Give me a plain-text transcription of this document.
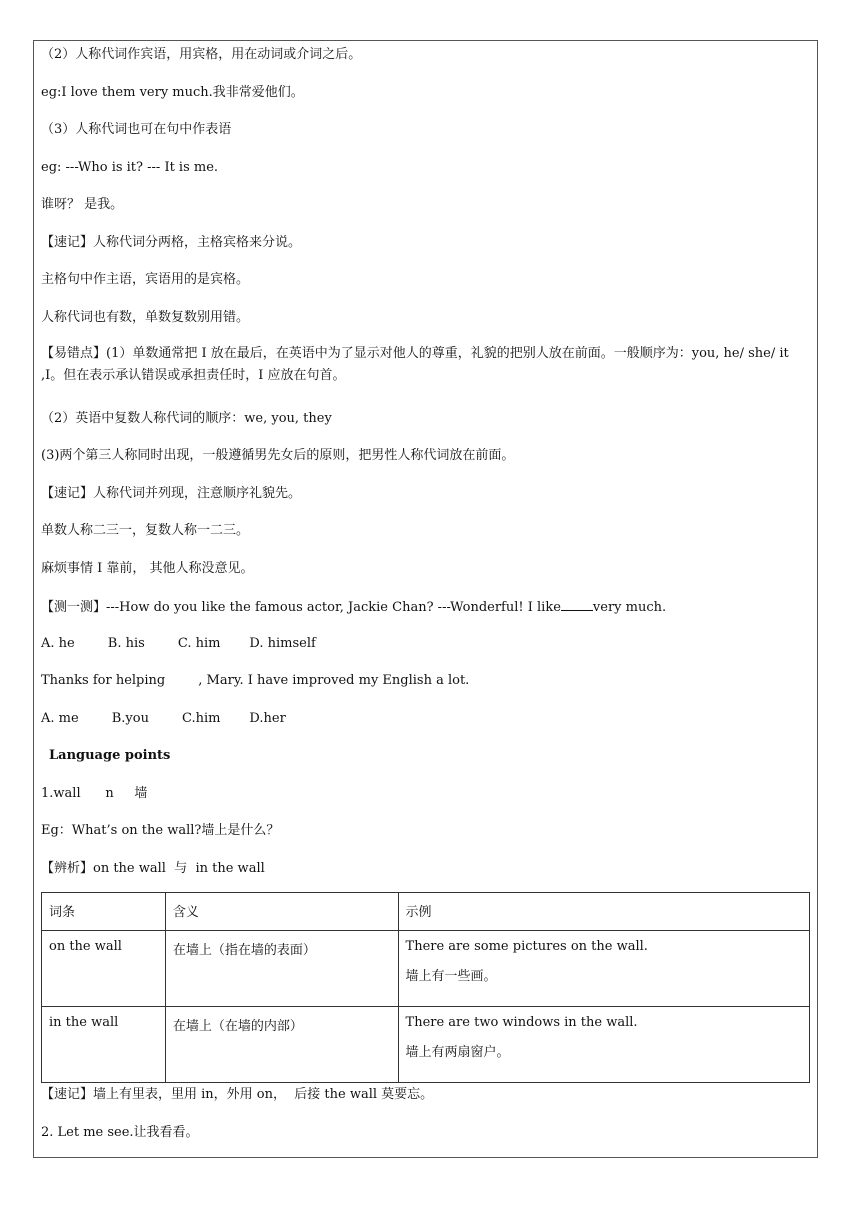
（2）人称代词作宾语，用宾格，用在动词或介词之后。
eg:I love them very much.我非常爱他们。
（3）人称代词也可在句中作表语
eg: ---Who is it? --- It is me.
谁呀？ 是我。
【速记】人称代词分两格，主格宾格来分说。
主格句中作主语，宾语用的是宾格。
人称代词也有数，单数复数别用错。
【易错点】(1）单数通常把 I 放在最后，在英语中为了显示对他人的尊重，礼貌的把别人放在前面。一般顺序为：you, he/ she/ it ,I。但在表示承认错误或承担责任时，I 应放在句首。
（2）英语中复数人称代词的顺序：we, you, they
(3)两个第三人称同时出现，一般遵循男先女后的原则，把男性人称代词放在前面。
【速记】人称代词并列现，注意顺序礼貌先。
单数人称二三一，复数人称一二三。
麻烦事情 I 靠前， 其他人称没意见。
【测一测】---How do you like the famous actor, Jackie Chan? ---Wonderful! I like very much.
A. he        B. his        C. him       D. himself
Thanks for helping        , Mary. I have improved my English a lot.
A. me        B.you        C.him       D.her
Language points
1.wall      n     墙
Eg：What’s on the wall?墙上是什么？
【辨析】on the wall  与  in the wall
词条	含义	示例
on the wall	在墙上（指在墙的表面）	There are some pictures on the wall.

墙上有一些画。

in the wall	在墙上（在墙的内部）	There are two windows in the wall.

墙上有两扇窗户。

【速记】墙上有里表，里用 in，外用 on，  后接 the wall 莫要忘。
2. Let me see.让我看看。
